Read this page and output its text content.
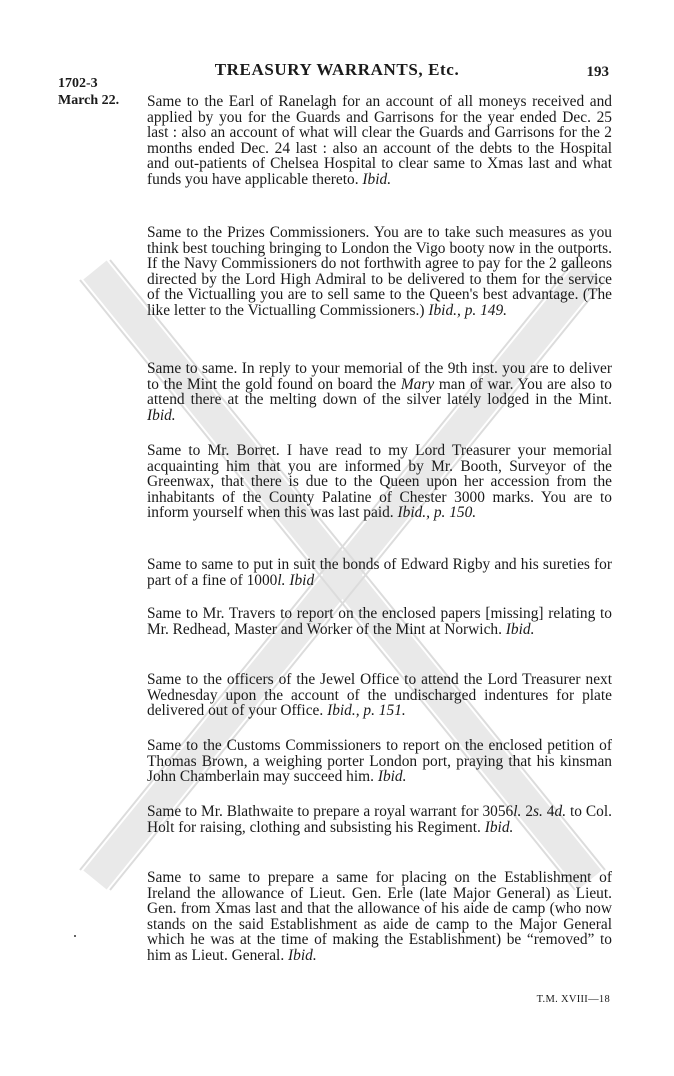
TREASURY WARRANTS, Etc.	193
1702-3
March 22. Same to the Earl of Ranelagh for an account of all moneys received and applied by you for the Guards and Garrisons for the year ended Dec. 25 last : also an account of what will clear the Guards and Garrisons for the 2 months ended Dec. 24 last : also an account of the debts to the Hospital and out-patients of Chelsea Hospital to clear same to Xmas last and what funds you have applicable thereto. Ibid.

Same to the Prizes Commissioners. You are to take such measures as you think best touching bringing to London the Vigo booty now in the outports. If the Navy Commissioners do not forthwith agree to pay for the 2 galleons directed by the Lord High Admiral to be delivered to them for the service of the Victualling you are to sell same to the Queen's best advantage. (The like letter to the Victualling Commissioners.) Ibid., p. 149.

Same to same. In reply to your memorial of the 9th inst. you are to deliver to the Mint the gold found on board the Mary man of war. You are also to attend there at the melting down of the silver lately lodged in the Mint. Ibid.

Same to Mr. Borret. I have read to my Lord Treasurer your memorial acquainting him that you are informed by Mr. Booth, Surveyor of the Greenwax, that there is due to the Queen upon her accession from the inhabitants of the County Palatine of Chester 3000 marks. You are to inform yourself when this was last paid. Ibid., p. 150.

Same to same to put in suit the bonds of Edward Rigby and his sureties for part of a fine of 1000l. Ibid

Same to Mr. Travers to report on the enclosed papers [missing] relating to Mr. Redhead, Master and Worker of the Mint at Norwich. Ibid.

Same to the officers of the Jewel Office to attend the Lord Treasurer next Wednesday upon the account of the undischarged indentures for plate delivered out of your Office. Ibid., p. 151.

Same to the Customs Commissioners to report on the enclosed petition of Thomas Brown, a weighing porter London port, praying that his kinsman John Chamberlain may succeed him. Ibid.

Same to Mr. Blathwaite to prepare a royal warrant for 3056l. 2s. 4d. to Col. Holt for raising, clothing and subsisting his Regiment. Ibid.

Same to same to prepare a same for placing on the Establishment of Ireland the allowance of Lieut. Gen. Erle (late Major General) as Lieut. Gen. from Xmas last and that the allowance of his aide de camp (who now stands on the said Establishment as aide de camp to the Major General which he was at the time of making the Establishment) be “removed” to him as Lieut. General. Ibid.

T.M. XVIII—18
